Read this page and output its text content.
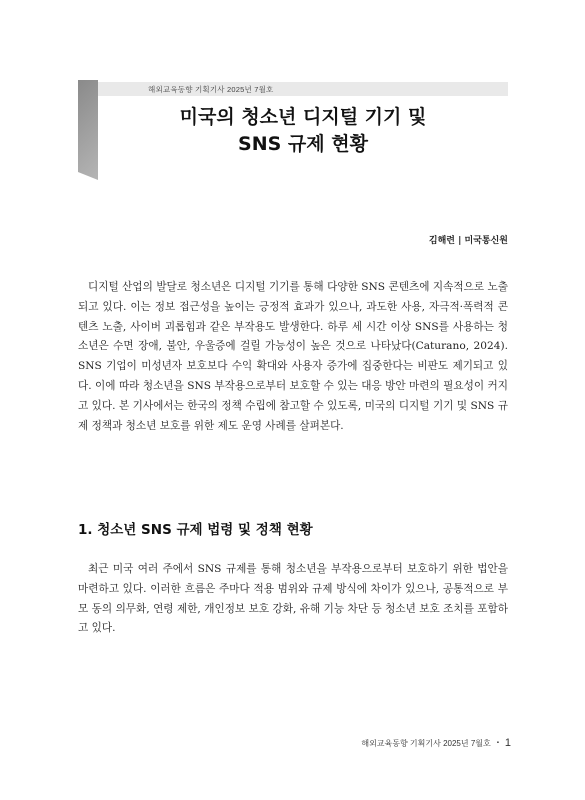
해외교육동향 기획기사 2025년 7월호
미국의 청소년 디지털 기기 및
SNS 규제 현황
김해련 | 미국통신원

디지털 산업의 발달로 청소년은 디지털 기기를 통해 다양한 SNS 콘텐츠에 지속적으로 노출되고 있다. 이는 정보 접근성을 높이는 긍정적 효과가 있으나, 과도한 사용, 자극적·폭력적 콘텐츠 노출, 사이버 괴롭힘과 같은 부작용도 발생한다. 하루 세 시간 이상 SNS를 사용하는 청소년은 수면 장애, 불안, 우울증에 걸릴 가능성이 높은 것으로 나타났다(Caturano, 2024). SNS 기업이 미성년자 보호보다 수익 확대와 사용자 증가에 집중한다는 비판도 제기되고 있다. 이에 따라 청소년을 SNS 부작용으로부터 보호할 수 있는 대응 방안 마련의 필요성이 커지고 있다. 본 기사에서는 한국의 정책 수립에 참고할 수 있도록, 미국의 디지털 기기 및 SNS 규제 정책과 청소년 보호를 위한 제도 운영 사례를 살펴본다.

1. 청소년 SNS 규제 법령 및 정책 현황

최근 미국 여러 주에서 SNS 규제를 통해 청소년을 부작용으로부터 보호하기 위한 법안을 마련하고 있다. 이러한 흐름은 주마다 적용 범위와 규제 방식에 차이가 있으나, 공통적으로 부모 동의 의무화, 연령 제한, 개인정보 보호 강화, 유해 기능 차단 등 청소년 보호 조치를 포함하고 있다.

해외교육동향 기획기사 2025년 7월호 ▪ 1
